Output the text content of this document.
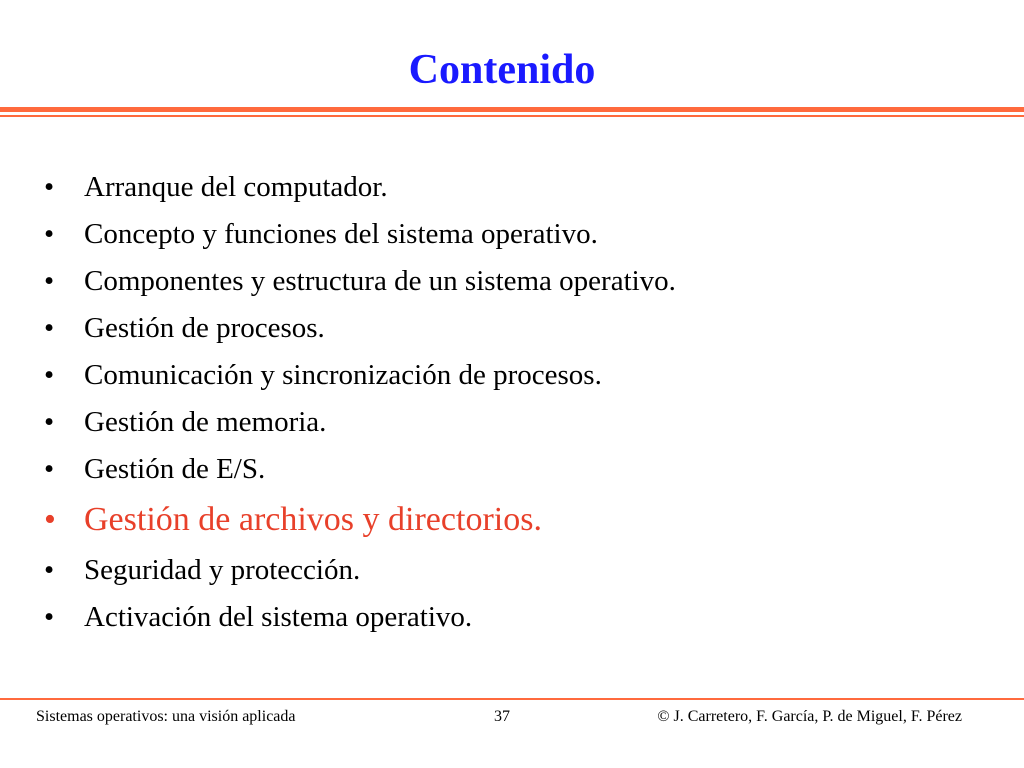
Contenido
• Arranque del computador.
• Concepto y funciones del sistema operativo.
• Componentes y estructura de un sistema operativo.
• Gestión de procesos.
• Comunicación y sincronización de procesos.
• Gestión de memoria.
• Gestión de E/S.
• Gestión de archivos y directorios.
• Seguridad y protección.
• Activación del sistema operativo.
Sistemas operativos: una visión aplicada	37	© J. Carretero, F. García, P. de Miguel, F. Pérez
